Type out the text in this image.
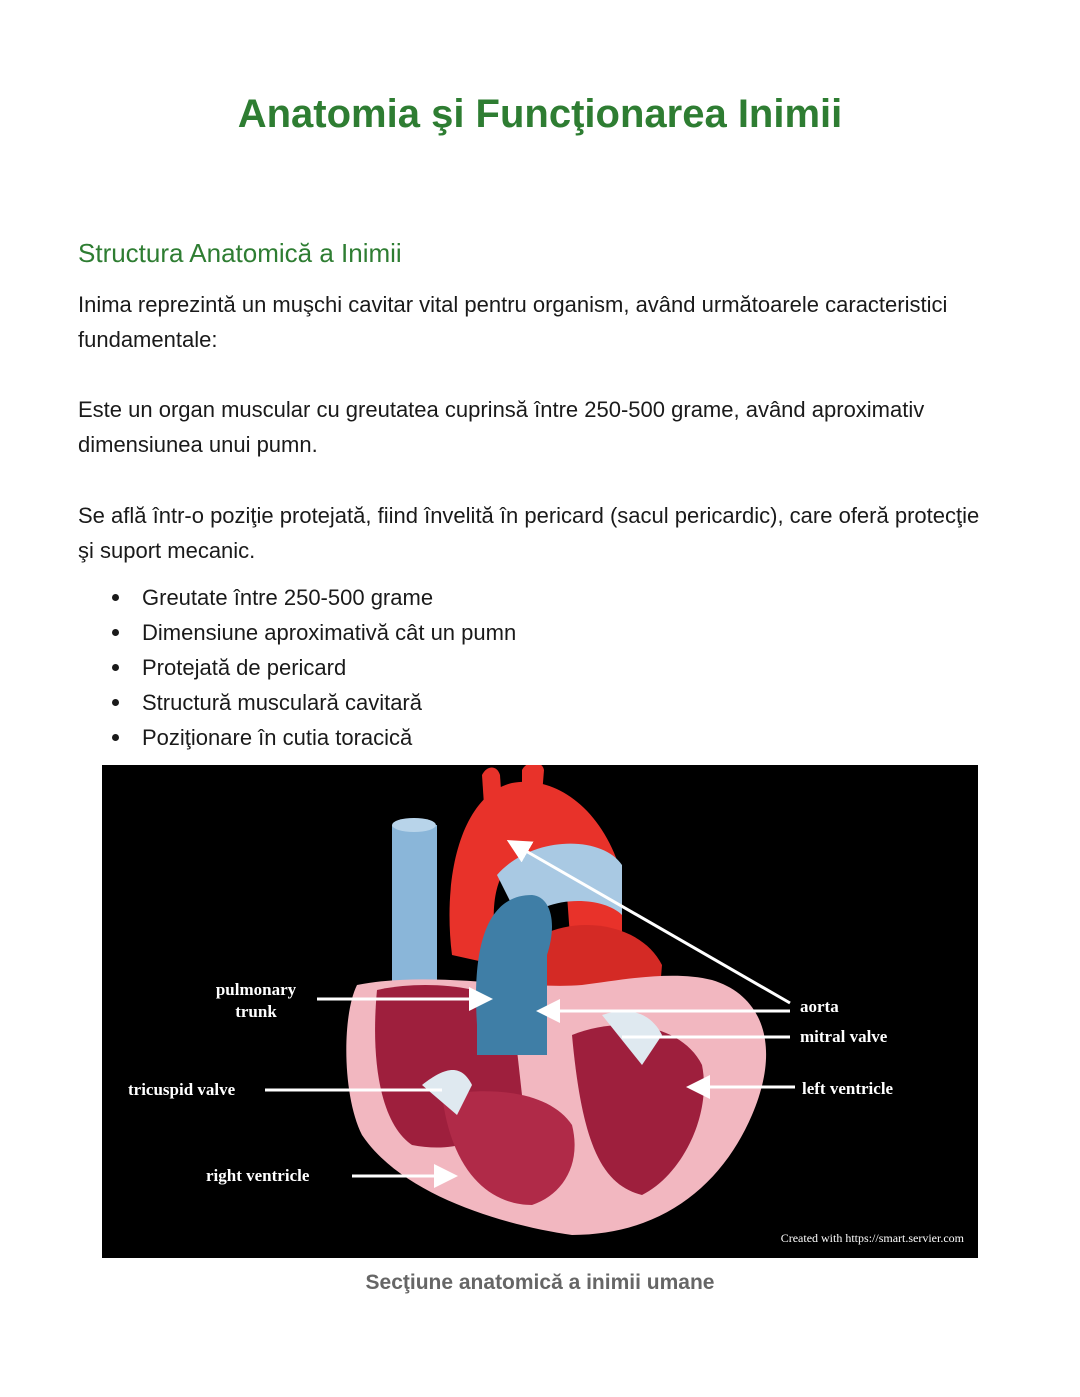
Anatomia şi Funcţionarea Inimii
Structura Anatomică a Inimii

Inima reprezintă un muşchi cavitar vital pentru organism, având următoarele caracteristici fundamentale:

Este un organ muscular cu greutatea cuprinsă între 250-500 grame, având aproximativ dimensiunea unui pumn.

Se află într-o poziţie protejată, fiind învelită în pericard (sacul pericardic), care oferă protecţie şi suport mecanic.

Greutate între 250-500 grame
Dimensiune aproximativă cât un pumn
Protejată de pericard
Structură musculară cavitară
Poziţionare în cutia toracică
pulmonary
trunk
tricuspid valve
right ventricle
aorta
mitral valve
left ventricle
Created with https://smart.servier.com

Secţiune anatomică a inimii umane
